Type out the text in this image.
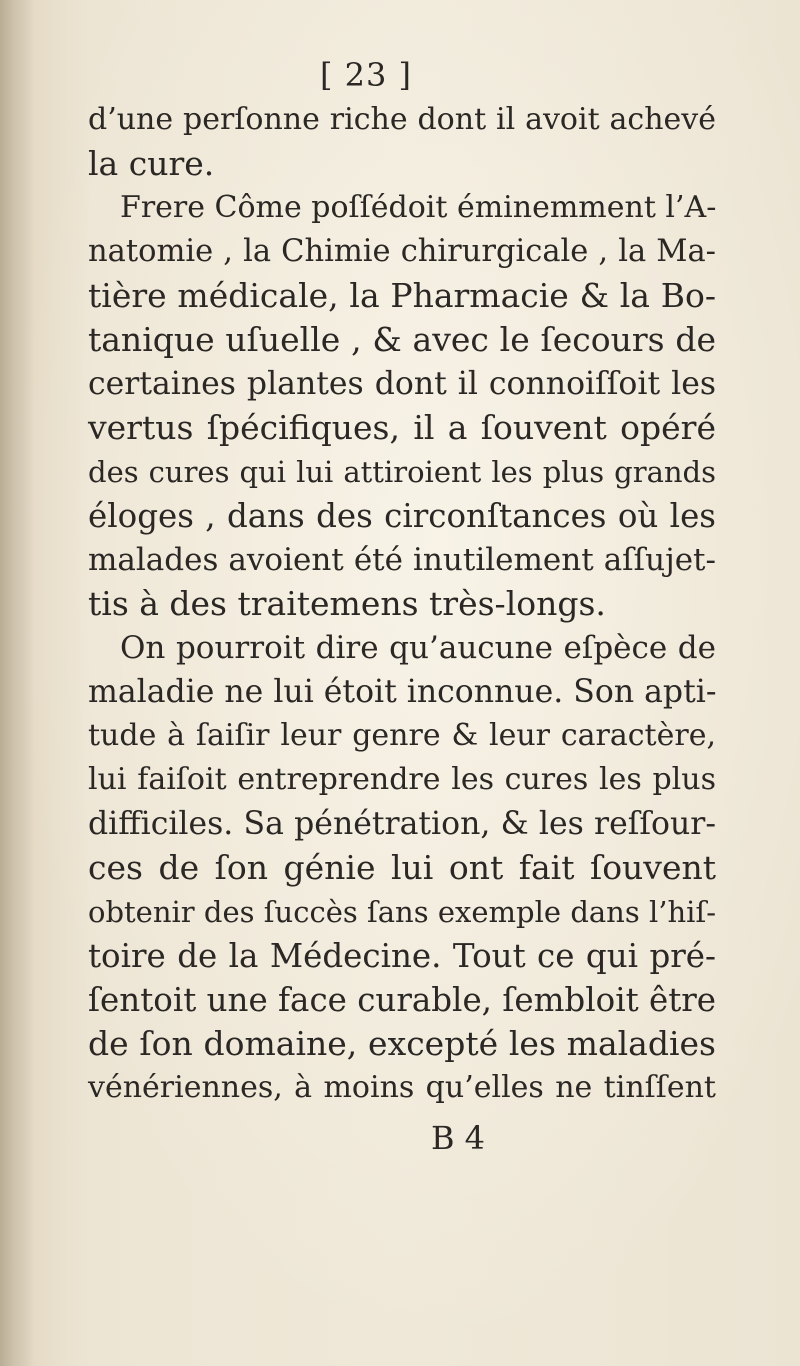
[ 23 ]
d’une perſonne riche dont il avoit achevé
la cure.
Frere Côme poſſédoit éminemment l’A-
natomie , la Chimie chirurgicale , la Ma-
tière médicale, la Pharmacie & la Bo-
tanique uſuelle , & avec le ſecours de
certaines plantes dont il connoiſſoit les
vertus ſpécifiques, il a ſouvent opéré
des cures qui lui attiroient les plus grands
éloges , dans des circonſtances où les
malades avoient été inutilement aſſujet-
tis à des traitemens très-longs.
On pourroit dire qu’aucune eſpèce de
maladie ne lui étoit inconnue. Son apti-
tude à ſaiſir leur genre & leur caractère,
lui faiſoit entreprendre les cures les plus
difficiles. Sa pénétration, & les reſſour-
ces de ſon génie lui ont fait ſouvent
obtenir des ſuccès ſans exemple dans l’hiſ-
toire de la Médecine. Tout ce qui pré-
ſentoit une face curable, ſembloit être
de ſon domaine, excepté les maladies
vénériennes, à moins qu’elles ne tinſſent
B 4
